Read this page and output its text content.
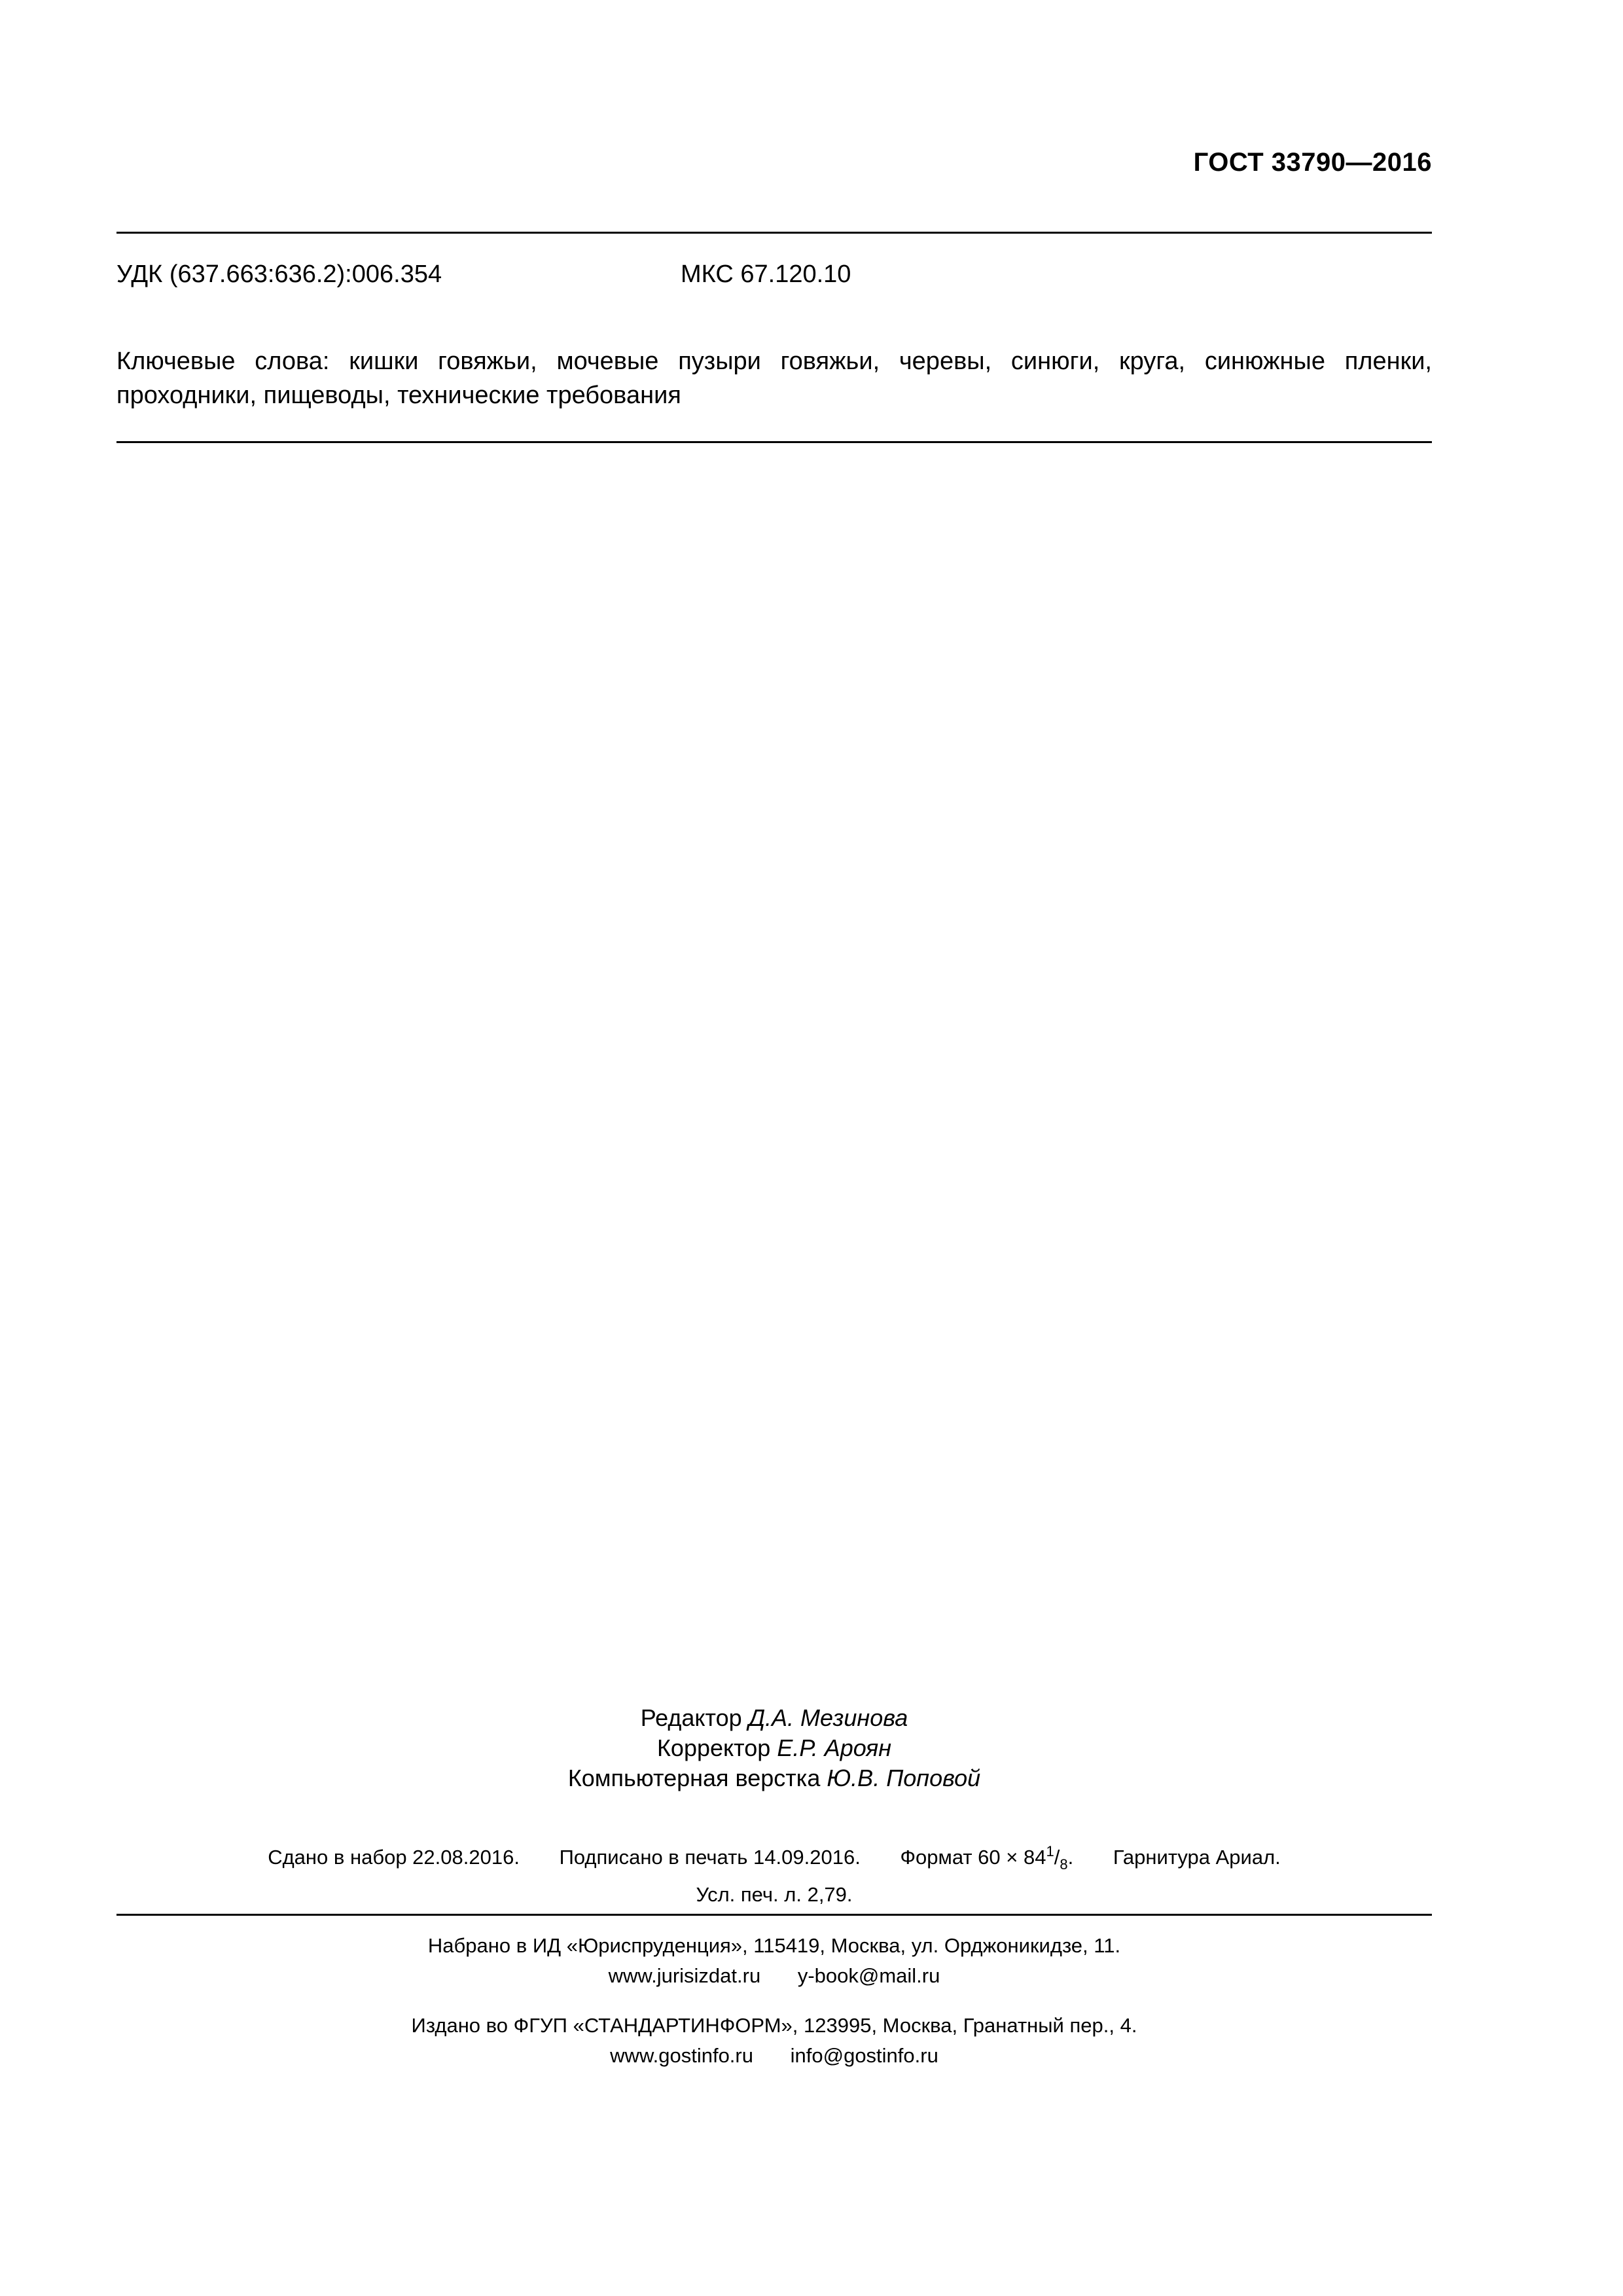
ГОСТ 33790—2016
УДК (637.663:636.2):006.354	МКС 67.120.10
Ключевые слова: кишки говяжьи, мочевые пузыри говяжьи, черевы, синюги, круга, синюжные пленки, проходники, пищеводы, технические требования
Редактор Д.А. Мезинова
Корректор Е.Р. Ароян
Компьютерная верстка Ю.В. Поповой
Сдано в набор 22.08.2016. Подписано в печать 14.09.2016. Формат $60 \times 84^1/_8$. Гарнитура Ариал.
Усл. печ. л. 2,79.
Набрано в ИД «Юриспруденция», 115419, Москва, ул. Орджоникидзе, 11.
www.jurisizdat.ru y-book@mail.ru
Издано во ФГУП «СТАНДАРТИНФОРМ», 123995, Москва, Гранатный пер., 4.
www.gostinfo.ru info@gostinfo.ru
